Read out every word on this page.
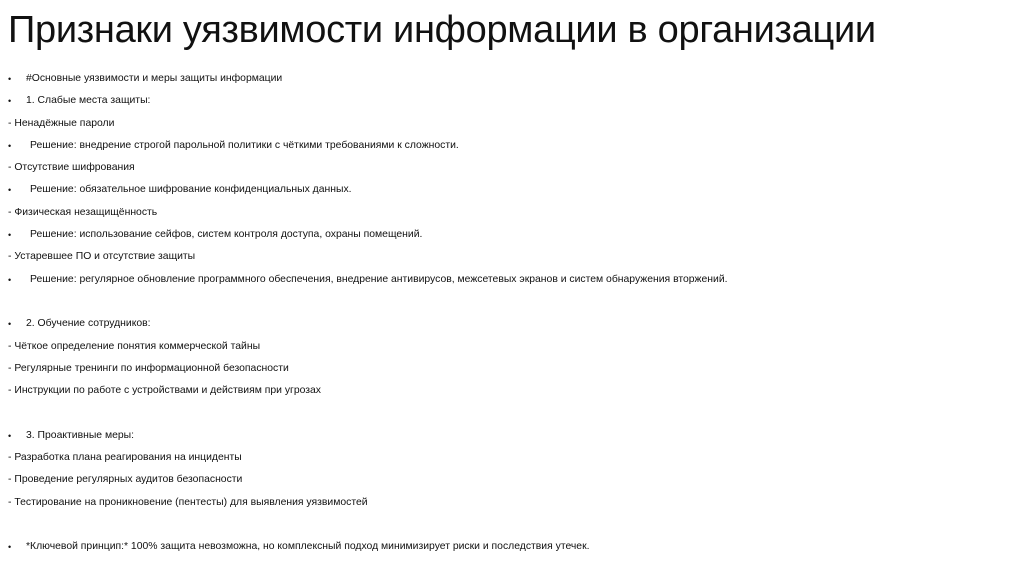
Признаки уязвимости информации в организации
•	#Основные уязвимости и меры защиты информации
•	1. Слабые места защиты:
- Ненадёжные пароли
•	Решение: внедрение строгой парольной политики с чёткими требованиями к сложности.
- Отсутствие шифрования
•	Решение: обязательное шифрование конфиденциальных данных.
- Физическая незащищённость
•	Решение: использование сейфов, систем контроля доступа, охраны помещений.
- Устаревшее ПО и отсутствие защиты
•	Решение: регулярное обновление программного обеспечения, внедрение антивирусов, межсетевых экранов и систем обнаружения вторжений.
•	2. Обучение сотрудников:
- Чёткое определение понятия коммерческой тайны
- Регулярные тренинги по информационной безопасности
- Инструкции по работе с устройствами и действиям при угрозах
•	3. Проактивные меры:
- Разработка плана реагирования на инциденты
- Проведение регулярных аудитов безопасности
- Тестирование на проникновение (пентесты) для выявления уязвимостей
•	*Ключевой принцип:* 100% защита невозможна, но комплексный подход минимизирует риски и последствия утечек.
